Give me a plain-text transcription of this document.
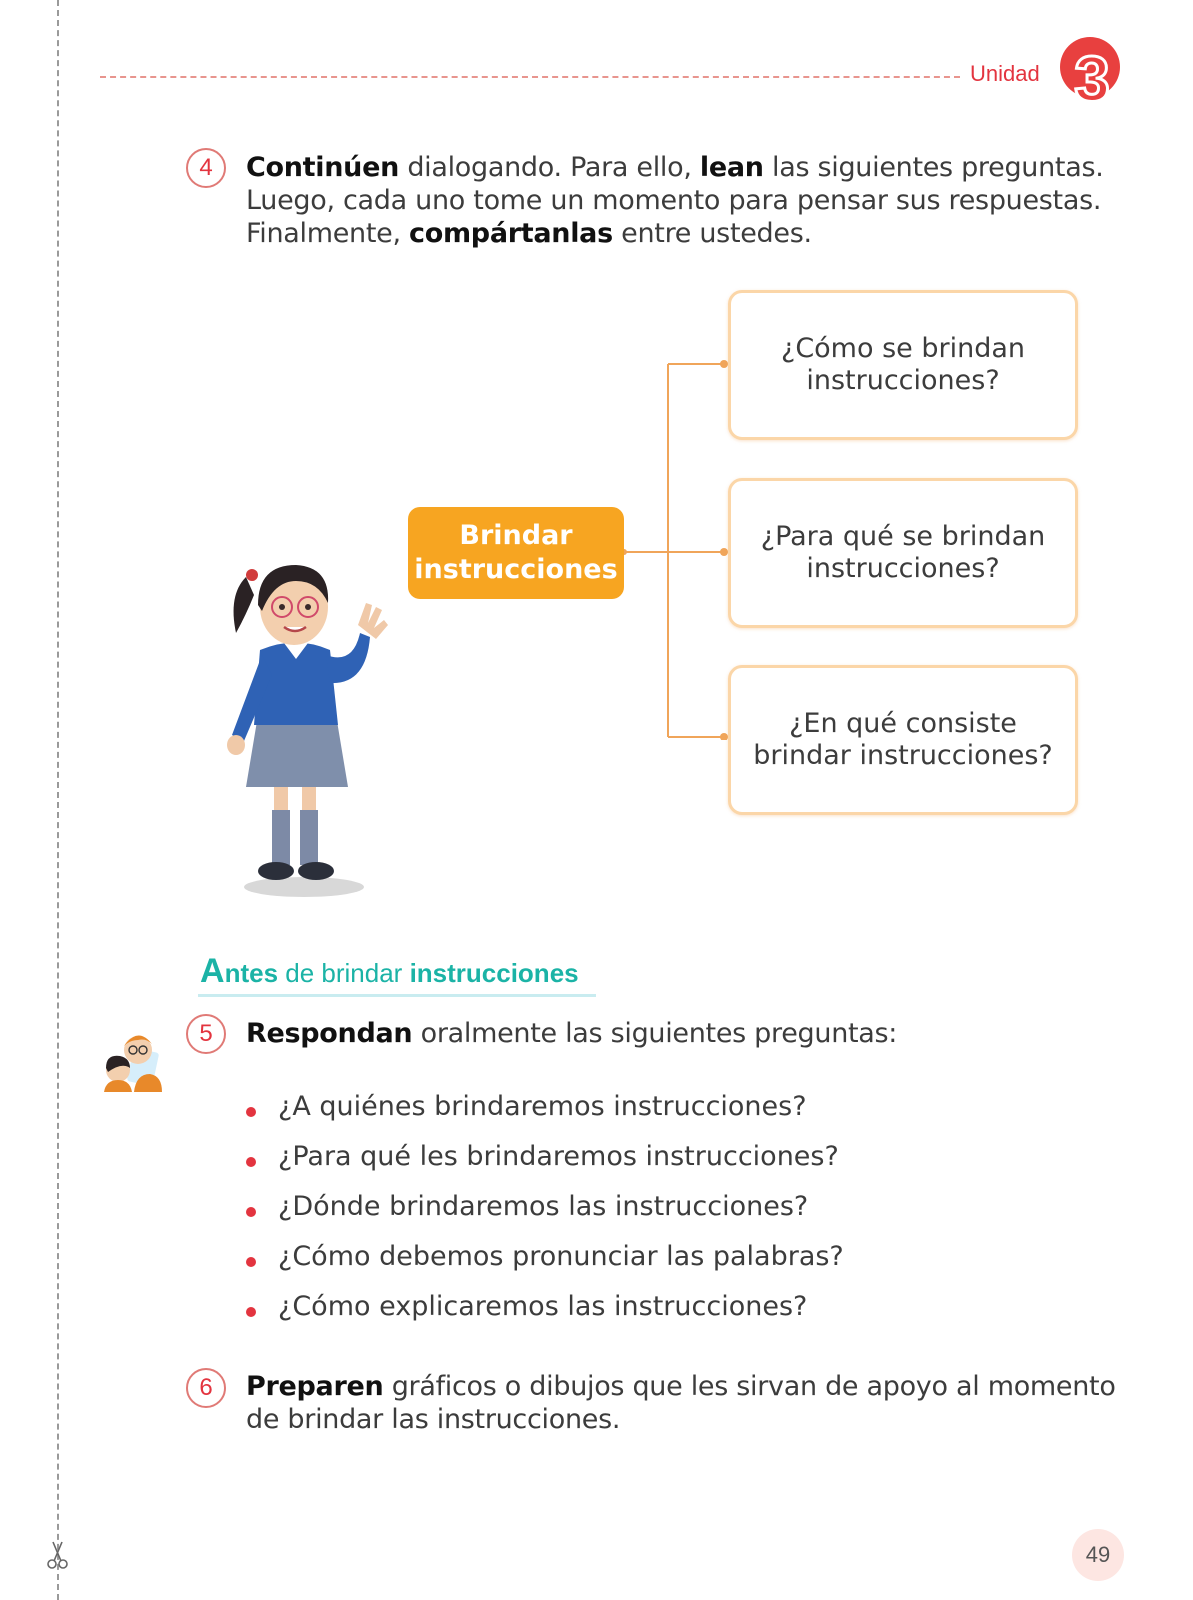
Unidad 3
4	Continúen dialogando. Para ello, lean las siguientes preguntas.
Luego, cada uno tome un momento para pensar sus respuestas.
Finalmente, compártanlas entre ustedes.
Brindar instrucciones
¿Cómo se brindan instrucciones?
¿Para qué se brindan instrucciones?
¿En qué consiste brindar instrucciones?
Antes de brindar instrucciones
5	Respondan oralmente las siguientes preguntas:
¿A quiénes brindaremos instrucciones?
¿Para qué les brindaremos instrucciones?
¿Dónde brindaremos las instrucciones?
¿Cómo debemos pronunciar las palabras?
¿Cómo explicaremos las instrucciones?
6	Preparen gráficos o dibujos que les sirvan de apoyo al momento
de brindar las instrucciones.
49
